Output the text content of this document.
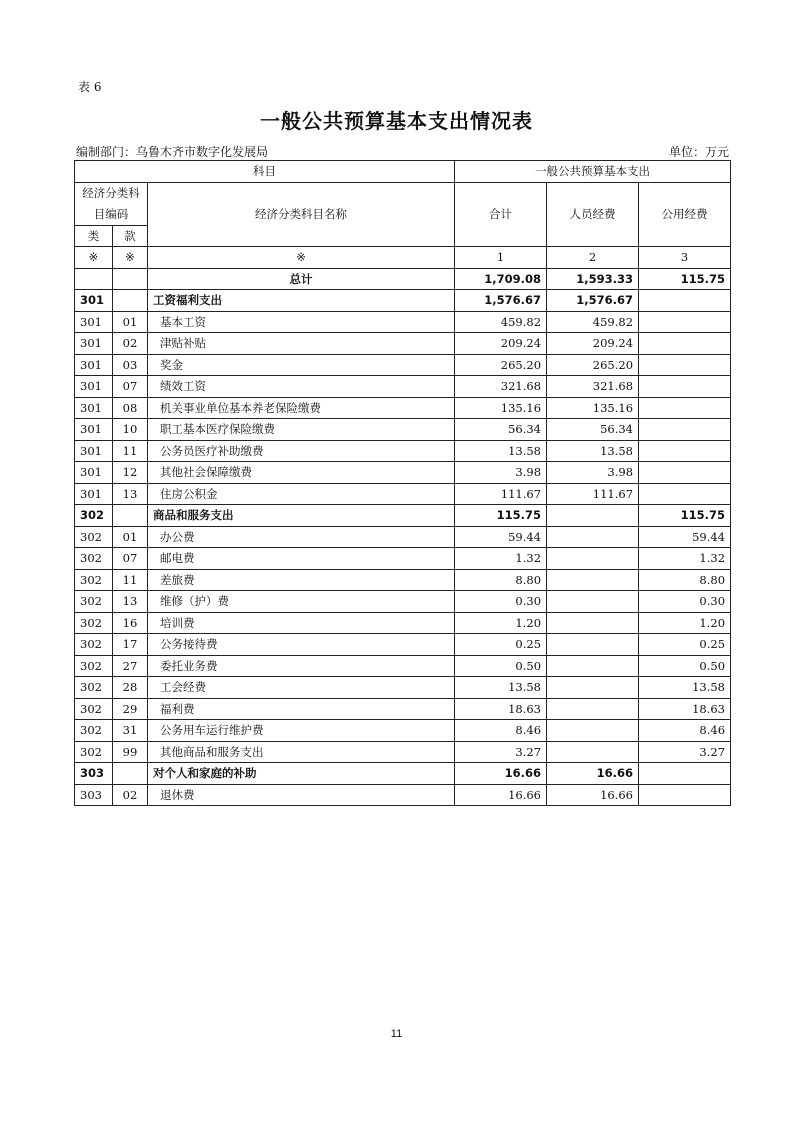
表 6
一般公共预算基本支出情况表
编制部门：乌鲁木齐市数字化发展局	单位：万元
科目			一般公共预算基本支出		
经济分类科目编码		经济分类科目名称	合计	人员经费	公用经费
类	款				
※	※	※	1	2	3
		总计	1,709.08	1,593.33	115.75
301		工资福利支出	1,576.67	1,576.67	
301	01	基本工资	459.82	459.82	
301	02	津贴补贴	209.24	209.24	
301	03	奖金	265.20	265.20	
301	07	绩效工资	321.68	321.68	
301	08	机关事业单位基本养老保险缴费	135.16	135.16	
301	10	职工基本医疗保险缴费	56.34	56.34	
301	11	公务员医疗补助缴费	13.58	13.58	
301	12	其他社会保障缴费	3.98	3.98	
301	13	住房公积金	111.67	111.67	
302		商品和服务支出	115.75		115.75
302	01	办公费	59.44		59.44
302	07	邮电费	1.32		1.32
302	11	差旅费	8.80		8.80
302	13	维修（护）费	0.30		0.30
302	16	培训费	1.20		1.20
302	17	公务接待费	0.25		0.25
302	27	委托业务费	0.50		0.50
302	28	工会经费	13.58		13.58
302	29	福利费	18.63		18.63
302	31	公务用车运行维护费	8.46		8.46
302	99	其他商品和服务支出	3.27		3.27
303		对个人和家庭的补助	16.66	16.66	
303	02	退休费	16.66	16.66	
11
